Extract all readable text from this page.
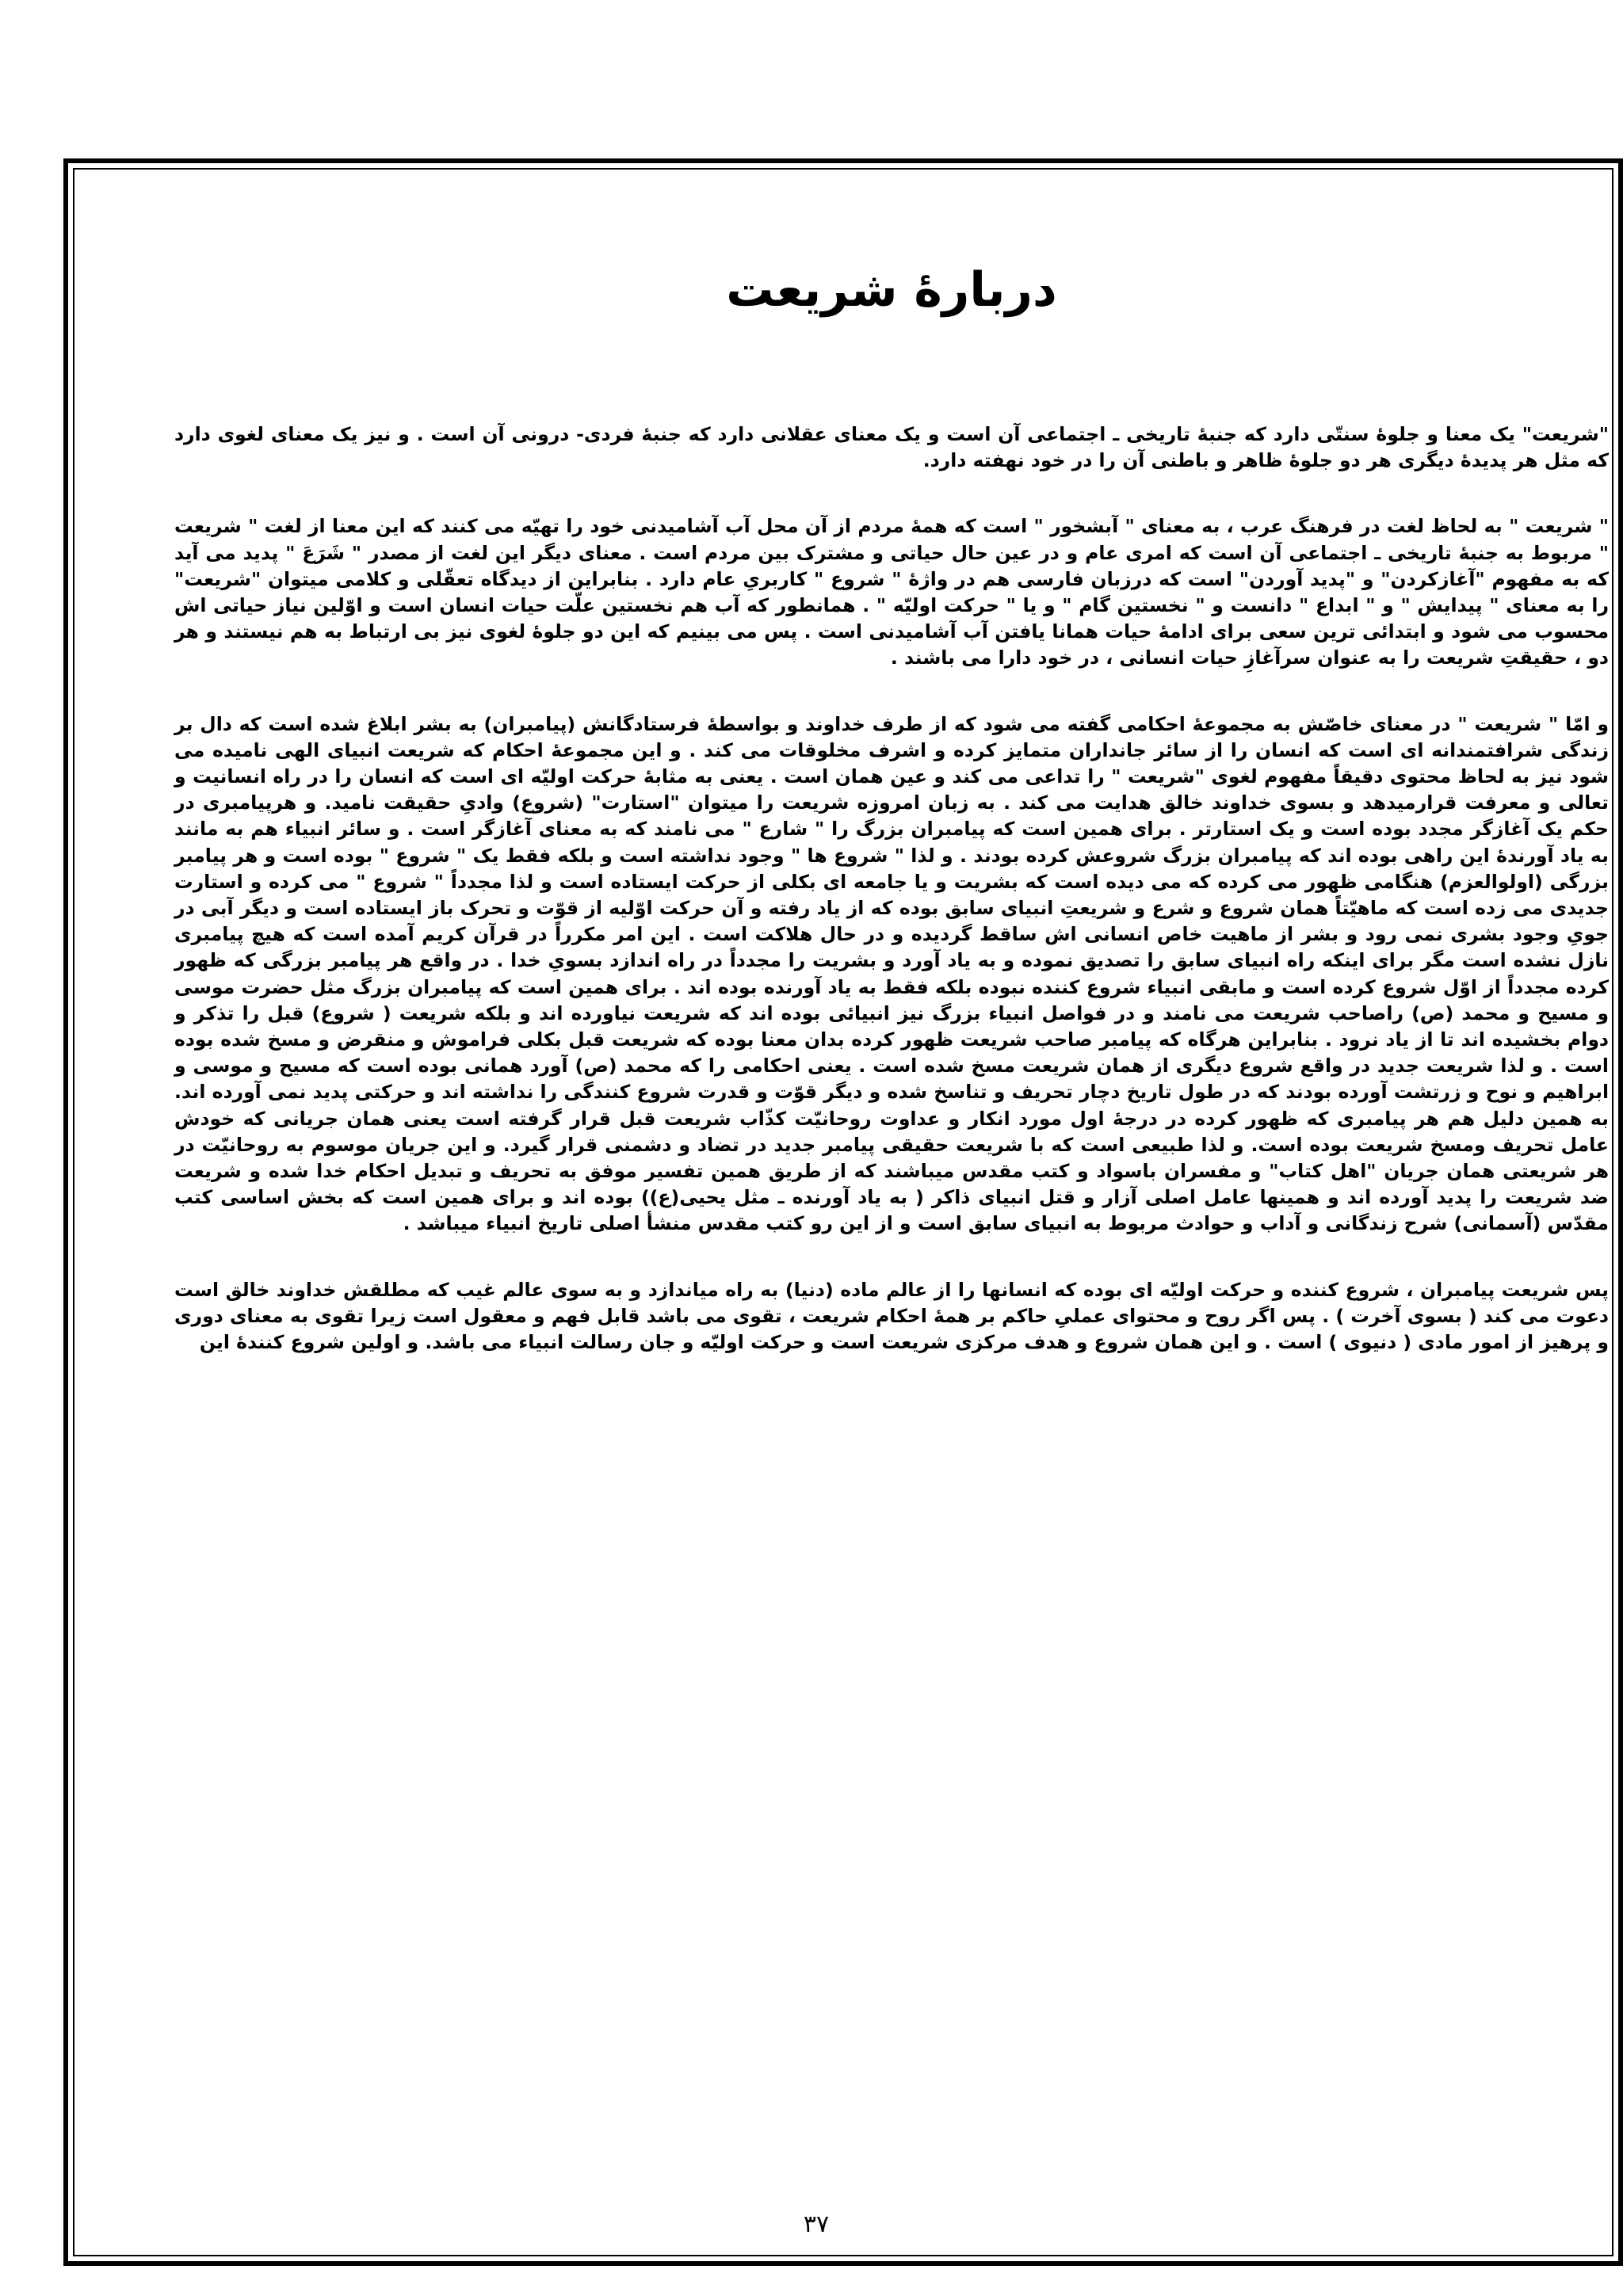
دربارهٔ شریعت

"شریعت" یک معنا و جلوهٔ سنتّی دارد که جنبهٔ تاریخی ـ اجتماعی آن است و یک معنای عقلانی دارد که جنبهٔ فردی- درونی آن است . و نیز یک معنای لغوی دارد که مثل هر پدیدهٔ دیگری هر دو جلوهٔ ظاهر و باطنی آن را در خود نهفته دارد.

" شریعت " به لحاظ لغت در فرهنگ عرب ، به معنای " آبشخور " است که همهٔ مردم از آن محل آب آشامیدنی خود را تهیّه می کنند که این معنا از لغت " شریعت " مربوط به جنبهٔ تاریخی ـ اجتماعی آن است که امری عام و در عین حال حیاتی و مشترک بین مردم است . معنای دیگر این لغت از مصدر " شَرَعَ " پدید می آید که به مفهوم "آغازکردن" و "پدید آوردن" است که درزبان فارسی هم در واژهٔ " شروع " کاربریِ عام دارد . بنابراین از دیدگاه تعقّلی و کلامی میتوان "شریعت" را به معنای " پیدایش " و " ابداع " دانست و " نخستین گام " و یا " حرکت اولیّه " . همانطور که آب هم نخستین علّت حیات انسان است و اوّلین نیاز حیاتی اش محسوب می شود و ابتدائی ترین سعی برای ادامهٔ حیات همانا یافتن آب آشامیدنی است . پس می بینیم که این دو جلوهٔ لغوی نیز بی ارتباط به هم نیستند و هر دو ، حقیقتِ شریعت را به عنوان سرآغازِ حیات انسانی ، در خود دارا می باشند .

و امّا " شریعت " در معنای خاصّش به مجموعهٔ احکامی گفته می شود که از طرف خداوند و بواسطهٔ فرستادگانش (پیامبران) به بشر ابلاغ شده است که دال بر زندگی شرافتمندانه ای است که انسان را از سائر جانداران متمایز کرده و اشرف مخلوقات می کند . و این مجموعهٔ احکام که شریعت انبیای الهی نامیده می شود نیز به لحاظ محتوی دقیقاً مفهوم لغوی "شریعت " را تداعی می کند و عین همان است . یعنی به مثابهٔ حرکت اولیّه ای است که انسان را در راه انسانیت و تعالی و معرفت قرارمیدهد و بسوی خداوند خالق هدایت می کند . به زبان امروزه شریعت را میتوان "استارت" (شروع) وادیِ حقیقت نامید. و هرپیامبری در حکم یک آغازگر مجدد بوده است و یک استارتر . برای همین است که پیامبران بزرگ را " شارع " می نامند که به معنای آغازگر است . و سائر انبیاء هم به مانند به یاد آورندهٔ این راهی بوده اند که پیامبران بزرگ شروعش کرده بودند . و لذا " شروع ها " وجود نداشته است و بلکه فقط یک " شروع " بوده است و هر پیامبر بزرگی (اولوالعزم) هنگامی ظهور می کرده که می دیده است که بشریت و یا جامعه ای بکلی از حرکت ایستاده است و لذا مجدداً " شروع " می کرده و استارت جدیدی می زده است که ماهیّتاً همان شروع و شرع و شریعتِ انبیای سابق بوده که از یاد رفته و آن حرکت اوّلیه از قوّت و تحرک باز ایستاده است و دیگر آبی در جویِ وجود بشری نمی رود و بشر از ماهیت خاص انسانی اش ساقط گردیده و در حال هلاکت است . این امر مکرراً در قرآن کریم آمده است که هیچ پیامبری نازل نشده است مگر برای اینکه راه انبیای سابق را تصدیق نموده و به یاد آورد و بشریت را مجدداً در راه اندازد بسویِ خدا . در واقع هر پیامبر بزرگی که ظهور کرده مجدداً از اوّل شروع کرده است و مابقی انبیاء شروع کننده نبوده بلکه فقط به یاد آورنده بوده اند . برای همین است که پیامبران بزرگ مثل حضرت موسی و مسیح و محمد (ص) راصاحب شریعت می نامند و در فواصل انبیاء بزرگ نیز انبیائی بوده اند که شریعت نیاورده اند و بلکه شریعت ( شروع) قبل را تذکر و دوام بخشیده اند تا از یاد نرود . بنابراین هرگاه که پیامبر صاحب شریعت ظهور کرده بدان معنا بوده که شریعت قبل بکلی فراموش و منقرض و مسخ شده بوده است . و لذا شریعت جدید در واقع شروع دیگری از همان شریعت مسخ شده است . یعنی احکامی را که محمد (ص) آورد همانی بوده است که مسیح و موسی و ابراهیم و نوح و زرتشت آورده بودند که در طول تاریخ دچار تحریف و تناسخ شده و دیگر قوّت و قدرت شروع کنندگی را نداشته اند و حرکتی پدید نمی آورده اند. به همین دلیل هم هر پیامبری که ظهور کرده در درجهٔ اول مورد انکار و عداوت روحانیّت کذّاب شریعت قبل قرار گرفته است یعنی همان جریانی که خودش عامل تحریف ومسخ شریعت بوده است. و لذا طبیعی است که با شریعت حقیقی پیامبر جدید در تضاد و دشمنی قرار گیرد. و این جریان موسوم به روحانیّت در هر شریعتی همان جریان "اهل کتاب" و مفسران باسواد و کتب مقدس میباشند که از طریق همین تفسیر موفق به تحریف و تبدیل احکام خدا شده و شریعت ضد شریعت را پدید آورده اند و همینها عامل اصلی آزار و قتل انبیای ذاکر ( به یاد آورنده ـ مثل یحیی(ع)) بوده اند و برای همین است که بخش اساسی کتب مقدّس (آسمانی) شرح زندگانی و آداب و حوادث مربوط به انبیای سابق است و از این رو کتب مقدس منشأ اصلی تاریخ انبیاء میباشد .

پس شریعت پیامبران ، شروع کننده و حرکت اولیّه ای بوده که انسانها را از عالم ماده (دنیا) به راه میاندازد و به سوی عالم غیب که مطلقش خداوند خالق است دعوت می کند ( بسوی آخرت ) . پس اگر روح و محتوای عملیِ حاکم بر همهٔ احکام شریعت ، تقوی می باشد قابل فهم و معقول است زیرا تقوی به معنای دوری و پرهیز از امور مادی ( دنیوی ) است . و این همان شروع و هدف مرکزی شریعت است و حرکت اولیّه و جان رسالت انبیاء می باشد. و اولین شروع کنندهٔ این

۳۷
